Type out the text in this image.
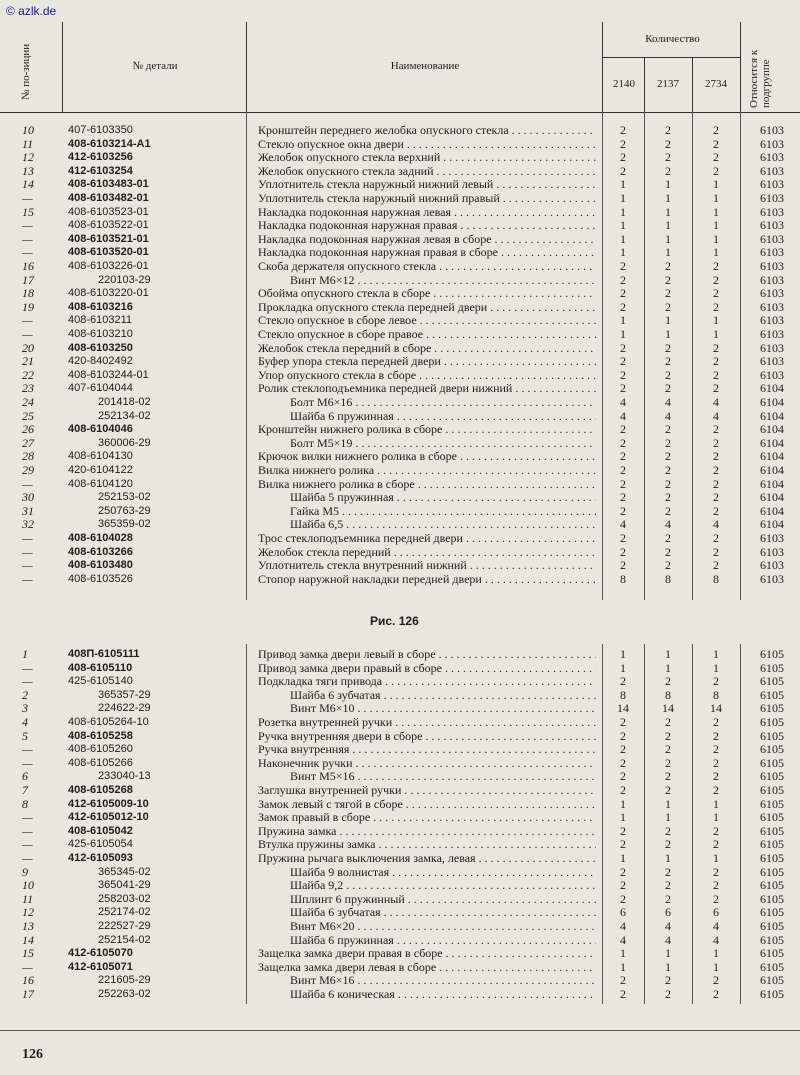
© azlk.de
№ по-зиции	№ детали	Наименование
Количество
2140	2137	2734	Относится к подгруппе
10	407-6103350	Кронштейн переднего желобка опускного стекла . . .	2	2	2	6103
11	408-6103214-А1	Стекло опускное окна двери . . .	2	2	2	6103
12	412-6103256	Желобок опускного стекла верхний . . .	2	2	2	6103
13	412-6103254	Желобок опускного стекла задний . . .	2	2	2	6103
14	408-6103483-01	Уплотнитель стекла наружный нижний левый . . .	1	1	1	6103
—	408-6103482-01	Уплотнитель стекла наружный нижний правый . . .	1	1	1	6103
15	408-6103523-01	Накладка подоконная наружная левая . . .	1	1	1	6103
—	408-6103522-01	Накладка подоконная наружная правая . . .	1	1	1	6103
—	408-6103521-01	Накладка подоконная наружная левая в сборе . . .	1	1	1	6103
—	408-6103520-01	Накладка подоконная наружная правая в сборе . . .	1	1	1	6103
16	408-6103226-01	Скоба держателя опускного стекла . . .	2	2	2	6103
17	220103-29	Винт М6×12 . . .	2	2	2	6103
18	408-6103220-01	Обойма опускного стекла в сборе . . .	2	2	2	6103
19	408-6103216	Прокладка опускного стекла передней двери . . .	2	2	2	6103
—	408-6103211	Стекло опускное в сборе левое . . .	1	1	1	6103
—	408-6103210	Стекло опускное в сборе правое . . .	1	1	1	6103
20	408-6103250	Желобок стекла передний в сборе . . .	2	2	2	6103
21	420-8402492	Буфер упора стекла передней двери . . .	2	2	2	6103
22	408-6103244-01	Упор опускного стекла в сборе . . .	2	2	2	6103
23	407-6104044	Ролик стеклоподъемника передней двери нижний . . .	2	2	2	6104
24	201418-02	Болт М6×16 . . .	4	4	4	6104
25	252134-02	Шайба 6 пружинная . . .	4	4	4	6104
26	408-6104046	Кронштейн нижнего ролика в сборе . . .	2	2	2	6104
27	360006-29	Болт М5×19 . . .	2	2	2	6104
28	408-6104130	Крючок вилки нижнего ролика в сборе . . .	2	2	2	6104
29	420-6104122	Вилка нижнего ролика . . .	2	2	2	6104
—	408-6104120	Вилка нижнего ролика в сборе . . .	2	2	2	6104
30	252153-02	Шайба 5 пружинная . . .	2	2	2	6104
31	250763-29	Гайка М5 . . .	2	2	2	6104
32	365359-02	Шайба 6,5 . . .	4	4	4	6104
—	408-6104028	Трос стеклоподъемника передней двери . . .	2	2	2	6103
—	408-6103266	Желобок стекла передний . . .	2	2	2	6103
—	408-6103480	Уплотнитель стекла внутренний нижний . . .	2	2	2	6103
—	408-6103526	Стопор наружной накладки передней двери . . .	8	8	8	6103
Рис. 126
1	408П-6105111	Привод замка двери левый в сборе . . .	1	1	1	6105
—	408-6105110	Привод замка двери правый в сборе . . .	1	1	1	6105
—	425-6105140	Подкладка тяги привода . . .	2	2	2	6105
2	365357-29	Шайба 6 зубчатая . . .	8	8	8	6105
3	224622-29	Винт М6×10 . . .	14	14	14	6105
4	408-6105264-10	Розетка внутренней ручки . . .	2	2	2	6105
5	408-6105258	Ручка внутренняя двери в сборе . . .	2	2	2	6105
—	408-6105260	Ручка внутренняя . . .	2	2	2	6105
—	408-6105266	Наконечник ручки . . .	2	2	2	6105
6	233040-13	Винт М5×16 . . .	2	2	2	6105
7	408-6105268	Заглушка внутренней ручки . . .	2	2	2	6105
8	412-6105009-10	Замок левый с тягой в сборе . . .	1	1	1	6105
—	412-6105012-10	Замок правый в сборе . . .	1	1	1	6105
—	408-6105042	Пружина замка . . .	2	2	2	6105
—	425-6105054	Втулка пружины замка . . .	2	2	2	6105
—	412-6105093	Пружина рычага выключения замка, левая . . .	1	1	1	6105
9	365345-02	Шайба 9 волнистая . . .	2	2	2	6105
10	365041-29	Шайба 9,2 . . .	2	2	2	6105
11	258203-02	Шплинт 6 пружинный . . .	2	2	2	6105
12	252174-02	Шайба 6 зубчатая . . .	6	6	6	6105
13	222527-29	Винт М6×20 . . .	4	4	4	6105
14	252154-02	Шайба 6 пружинная . . .	4	4	4	6105
15	412-6105070	Защелка замка двери правая в сборе . . .	1	1	1	6105
—	412-6105071	Защелка замка двери левая в сборе . . .	1	1	1	6105
16	221605-29	Винт М6×16 . . .	2	2	2	6105
17	252263-02	Шайба 6 коническая . . .	2	2	2	6105
126
